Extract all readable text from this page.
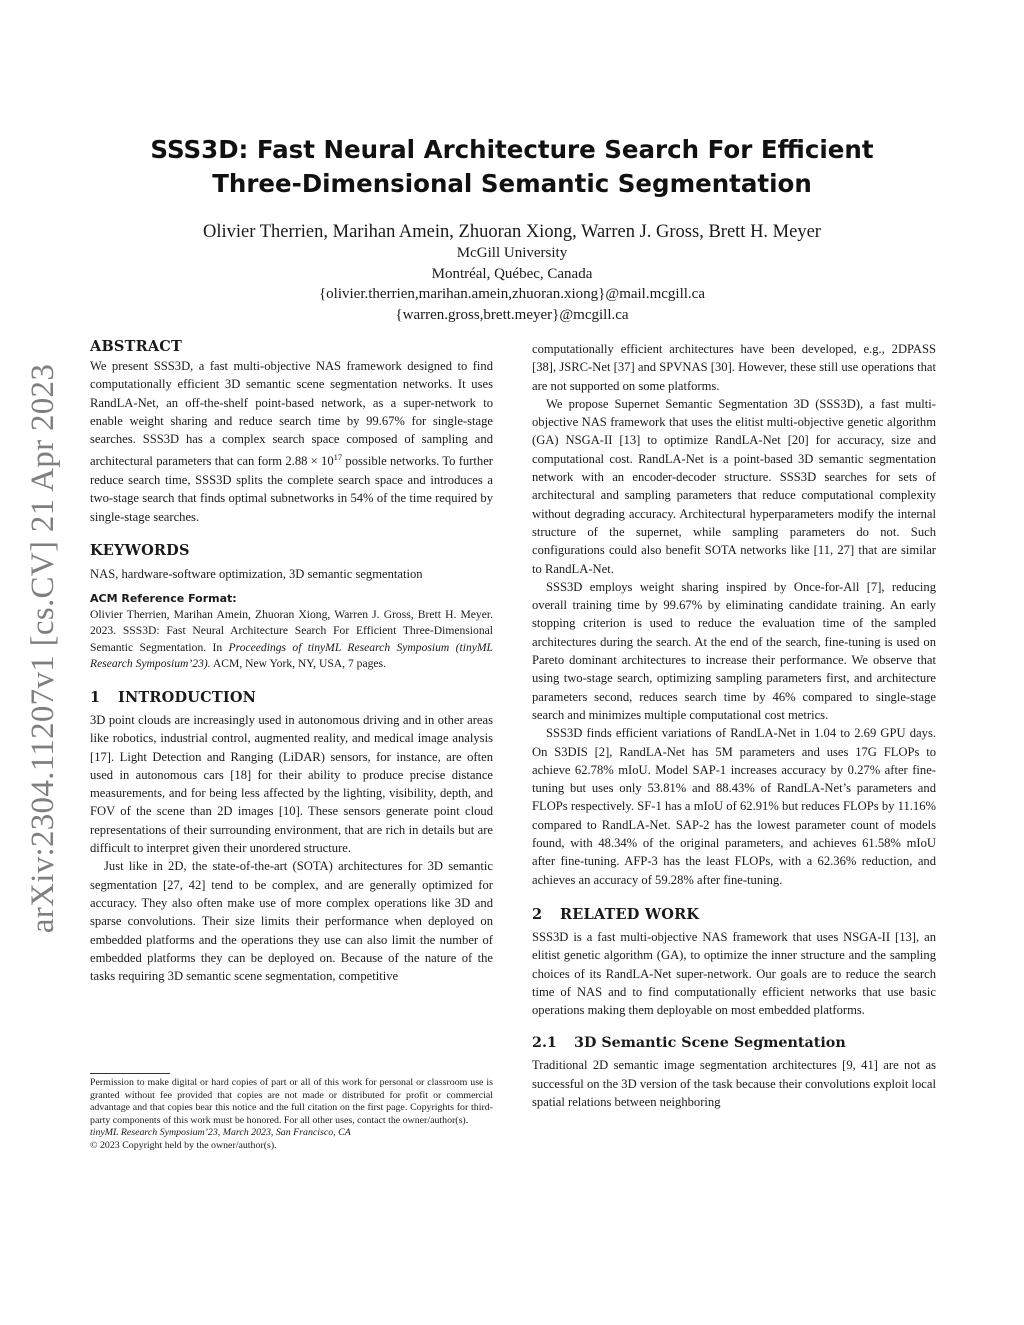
arXiv:2304.11207v1 [cs.CV] 21 Apr 2023
SSS3D: Fast Neural Architecture Search For Efficient
Three-Dimensional Semantic Segmentation
Olivier Therrien, Marihan Amein, Zhuoran Xiong, Warren J. Gross, Brett H. Meyer
McGill University
Montréal, Québec, Canada
{olivier.therrien,marihan.amein,zhuoran.xiong}@mail.mcgill.ca
{warren.gross,brett.meyer}@mcgill.ca
ABSTRACT

We present SSS3D, a fast multi-objective NAS framework designed to find computationally efficient 3D semantic scene segmentation networks. It uses RandLA-Net, an off-the-shelf point-based network, as a super-network to enable weight sharing and reduce search time by 99.67% for single-stage searches. SSS3D has a complex search space composed of sampling and architectural parameters that can form $2.88 \times 10^{17}$ possible networks. To further reduce search time, SSS3D splits the complete search space and introduces a two-stage search that finds optimal subnetworks in 54% of the time required by single-stage searches.

KEYWORDS

NAS, hardware-software optimization, 3D semantic segmentation

ACM Reference Format:

Olivier Therrien, Marihan Amein, Zhuoran Xiong, Warren J. Gross, Brett H. Meyer. 2023. SSS3D: Fast Neural Architecture Search For Efficient Three-Dimensional Semantic Segmentation. In Proceedings of tinyML Research Symposium (tinyML Research Symposium’23). ACM, New York, NY, USA, 7 pages.

1 INTRODUCTION

3D point clouds are increasingly used in autonomous driving and in other areas like robotics, industrial control, augmented reality, and medical image analysis [17]. Light Detection and Ranging (LiDAR) sensors, for instance, are often used in autonomous cars [18] for their ability to produce precise distance measurements, and for being less affected by the lighting, visibility, depth, and FOV of the scene than 2D images [10]. These sensors generate point cloud representations of their surrounding environment, that are rich in details but are difficult to interpret given their unordered structure.

Just like in 2D, the state-of-the-art (SOTA) architectures for 3D semantic segmentation [27, 42] tend to be complex, and are generally optimized for accuracy. They also often make use of more complex operations like 3D and sparse convolutions. Their size limits their performance when deployed on embedded platforms and the operations they use can also limit the number of embedded platforms they can be deployed on. Because of the nature of the tasks requiring 3D semantic scene segmentation, competitive

Permission to make digital or hard copies of part or all of this work for personal or classroom use is granted without fee provided that copies are not made or distributed for profit or commercial advantage and that copies bear this notice and the full citation on the first page. Copyrights for third-party components of this work must be honored. For all other uses, contact the owner/author(s).

tinyML Research Symposium’23, March 2023, San Francisco, CA

© 2023 Copyright held by the owner/author(s).

computationally efficient architectures have been developed, e.g., 2DPASS [38], JSRC-Net [37] and SPVNAS [30]. However, these still use operations that are not supported on some platforms.

We propose Supernet Semantic Segmentation 3D (SSS3D), a fast multi-objective NAS framework that uses the elitist multi-objective genetic algorithm (GA) NSGA-II [13] to optimize RandLA-Net [20] for accuracy, size and computational cost. RandLA-Net is a point-based 3D semantic segmentation network with an encoder-decoder structure. SSS3D searches for sets of architectural and sampling parameters that reduce computational complexity without degrading accuracy. Architectural hyperparameters modify the internal structure of the supernet, while sampling parameters do not. Such configurations could also benefit SOTA networks like [11, 27] that are similar to RandLA-Net.

SSS3D employs weight sharing inspired by Once-for-All [7], reducing overall training time by 99.67% by eliminating candidate training. An early stopping criterion is used to reduce the evaluation time of the sampled architectures during the search. At the end of the search, fine-tuning is used on Pareto dominant architectures to increase their performance. We observe that using two-stage search, optimizing sampling parameters first, and architecture parameters second, reduces search time by 46% compared to single-stage search and minimizes multiple computational cost metrics.

SSS3D finds efficient variations of RandLA-Net in 1.04 to 2.69 GPU days. On S3DIS [2], RandLA-Net has 5M parameters and uses 17G FLOPs to achieve 62.78% mIoU. Model SAP-1 increases accuracy by 0.27% after fine-tuning but uses only 53.81% and 88.43% of RandLA-Net’s parameters and FLOPs respectively. SF-1 has a mIoU of 62.91% but reduces FLOPs by 11.16% compared to RandLA-Net. SAP-2 has the lowest parameter count of models found, with 48.34% of the original parameters, and achieves 61.58% mIoU after fine-tuning. AFP-3 has the least FLOPs, with a 62.36% reduction, and achieves an accuracy of 59.28% after fine-tuning.

2 RELATED WORK

SSS3D is a fast multi-objective NAS framework that uses NSGA-II [13], an elitist genetic algorithm (GA), to optimize the inner structure and the sampling choices of its RandLA-Net super-network. Our goals are to reduce the search time of NAS and to find computationally efficient networks that use basic operations making them deployable on most embedded platforms.

2.1 3D Semantic Scene Segmentation

Traditional 2D semantic image segmentation architectures [9, 41] are not as successful on the 3D version of the task because their convolutions exploit local spatial relations between neighboring
